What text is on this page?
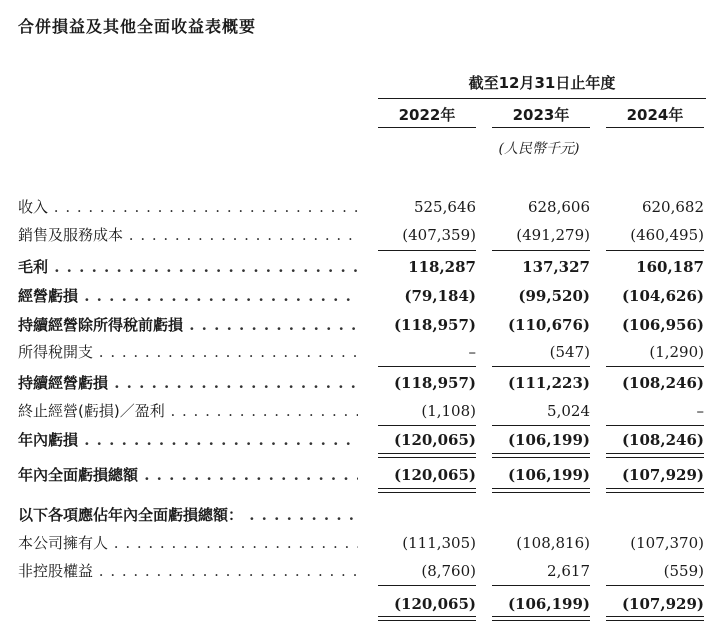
合併損益及其他全面收益表概要
截至12月31日止年度
2022年	2023年	2024年
(人民幣千元)
收入 . . .	525,646	628,606	620,682
銷售及服務成本 . . .	(407,359)	(491,279)	(460,495)
毛利 . . .	118,287	137,327	160,187
經營虧損 . . .	(79,184)	(99,520)	(104,626)
持續經營除所得稅前虧損 . . .	(118,957)	(110,676)	(106,956)
所得稅開支 . . .	–	(547)	(1,290)
持續經營虧損 . . .	(118,957)	(111,223)	(108,246)
終止經營(虧損)／盈利 . . .	(1,108)	5,024	–
年內虧損 . . .	(120,065)	(106,199)	(108,246)
年內全面虧損總額 . . .	(120,065)	(106,199)	(107,929)
以下各項應佔年內全面虧損總額： . . .
本公司擁有人 . . .	(111,305)	(108,816)	(107,370)
非控股權益 . . .	(8,760)	2,617	(559)
(120,065)	(106,199)	(107,929)
